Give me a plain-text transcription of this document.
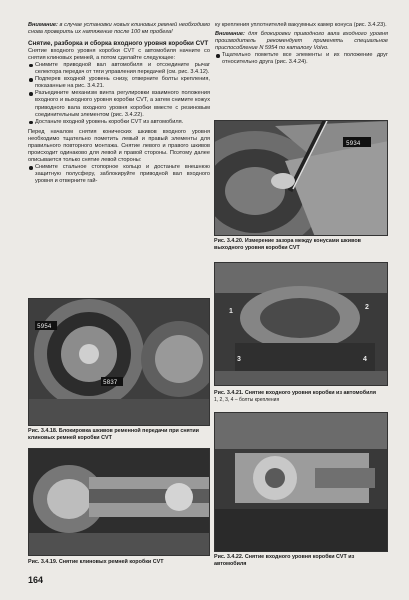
Внимание: в случае установки новых клиновых ремней необходимо снова проверить их натяжение после 100 км пробега!

Снятие, разборка и сборка входного уровня коробки CVT

Снятие входного уровня коробки CVT с автомобиля начните со снятия клиновых ремней, а потом сделайте следующее:

Снимите приводной вал автомобиля и отсоедините рычаг селектора передач от тяги управления передачей (см. рис. 3.4.12).
Подперев входной уровень снизу, отверните болты крепления, показанные на рис. 3.4.21.
Разъедините механизм винта регулировки взаимного положения входного и выходного уровня коробки CVT, а затем снимите кожух приводного вала входного уровня коробки вместе с резиновым соединительным элементом (рис. 3.4.22).
Достаньте входной уровень коробки CVT из автомобиля.

Перед началом снятия конических шкивов входного уровня необходимо тщательно пометить левый и правый элементы для правильного повторного монтажа. Снятие левого и правого шкивов происходит одинаково для левой и правой стороны. Поэтому далее описывается только снятие левой стороны:

Снимите стальное стопорное кольцо и достаньте внешнюю защитную полусферу, заблокируйте приводной вал входного уровня и отверните гай-

ку крепления уплотнителей вакуумных камер конуса (рис. 3.4.23).

Внимание: для блокировки приводного вала входного уровня производитель рекомендует применять специальное приспособление N 5954 по каталогу Volvo.

Тщательно пометьте все элементы и их положение друг относительно друга (рис. 3.4.24).
5934
Рис. 3.4.20. Измерение зазора между конусами шкивов выходного уровня коробки CVT
5954
5837
Рис. 3.4.18. Блокировка шкивов ременной передачи при снятии клиновых ремней коробки CVT
1
2
3	4
Рис. 3.4.21. Снятие входного уровня коробки из автомобиля
1, 2, 3, 4 – болты крепления
Рис. 3.4.19. Снятие клиновых ремней коробки CVT
Рис. 3.4.22. Снятие входного уровня коробки CVT из автомобиля
164
